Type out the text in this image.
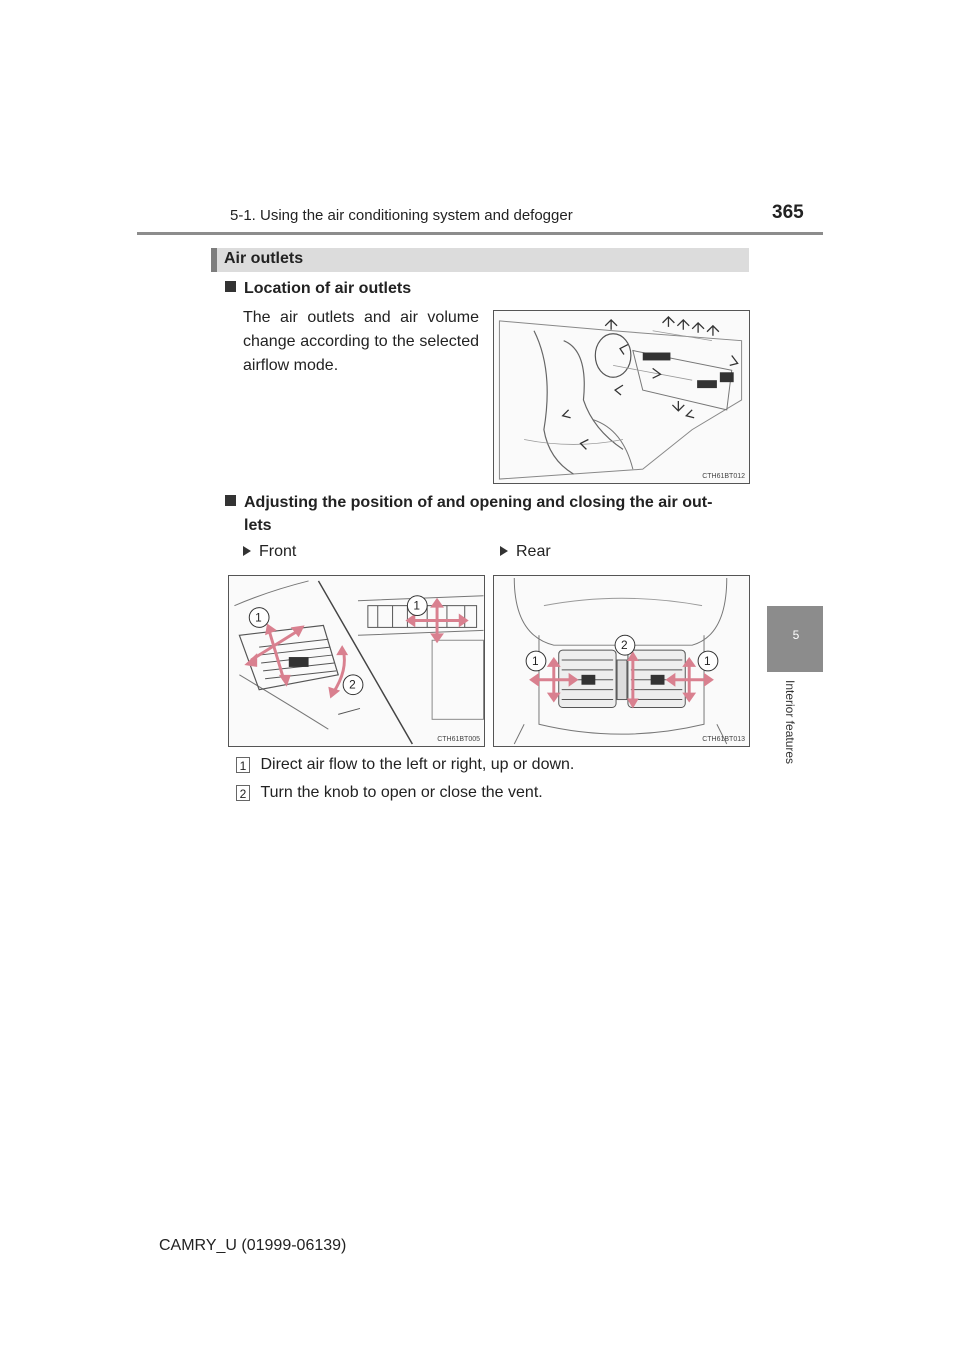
5-1. Using the air conditioning system and defogger	365
5
Interior features
Air outlets
Location of air outlets
The air outlets and air volume change according to the selected airflow mode.
CTH61BT012
Adjusting the position of and opening and closing the air out-
lets
Front	Rear
1
1
2
CTH61BT005
1	1
2
CTH61BT013
1 Direct air flow to the left or right, up or down.
2 Turn the knob to open or close the vent.
CAMRY_U (01999-06139)
